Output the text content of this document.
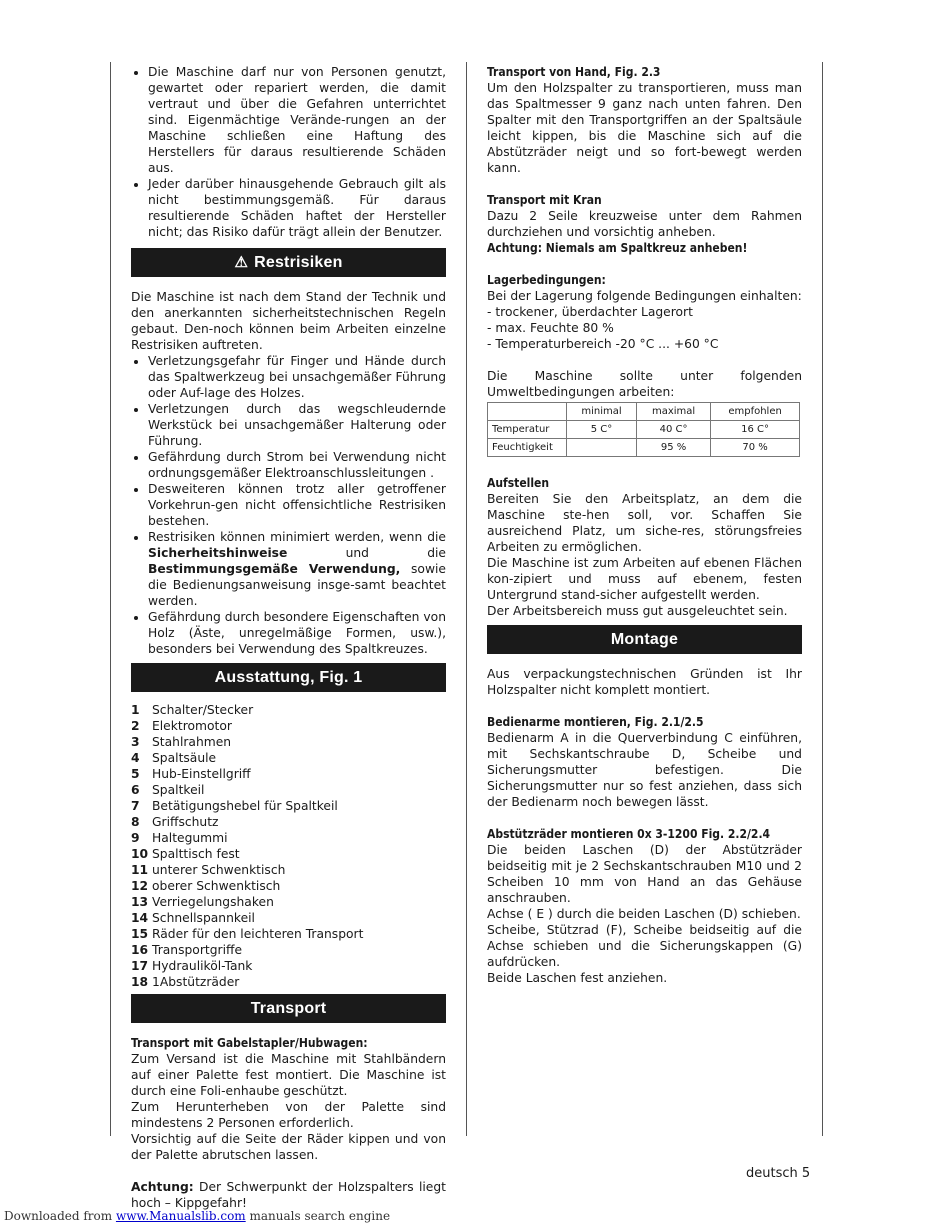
• Die Maschine darf nur von Personen genutzt, gewartet oder repariert werden, die damit vertraut und über die Gefahren unterrichtet sind. Eigenmächtige Verände-rungen an der Maschine schließen eine Haftung des Herstellers für daraus resultierende Schäden aus.
• Jeder darüber hinausgehende Gebrauch gilt als nicht bestimmungsgemäß. Für daraus resultierende Schäden haftet der Hersteller nicht; das Risiko dafür trägt allein der Benutzer.
⚠ Restrisiken

Die Maschine ist nach dem Stand der Technik und den anerkannten sicherheitstechnischen Regeln gebaut. Den-noch können beim Arbeiten einzelne Restrisiken auftreten.

• Verletzungsgefahr für Finger und Hände durch das Spaltwerkzeug bei unsachgemäßer Führung oder Auf-lage des Holzes.
• Verletzungen durch das wegschleudernde Werkstück bei unsachgemäßer Halterung oder Führung.
• Gefährdung durch Strom bei Verwendung nicht ordnungsgemäßer Elektroanschlussleitungen .
• Desweiteren können trotz aller getroffener Vorkehrun-gen nicht offensichtliche Restrisiken bestehen.
• Restrisiken können minimiert werden, wenn die Sicherheitshinweise und die Bestimmungsgemäße Verwendung, sowie die Bedienungsanweisung insge-samt beachtet werden.
• Gefährdung durch besondere Eigenschaften von Holz (Äste, unregelmäßige Formen, usw.), besonders bei Verwendung des Spaltkreuzes.
Ausstattung, Fig. 1
1	Schalter/Stecker
2	Elektromotor
3	Stahlrahmen
4	Spaltsäule
5	Hub-Einstellgriff
6	Spaltkeil
7	Betätigungshebel für Spaltkeil
8	Griffschutz
9	Haltegummi
10 Spalttisch fest
11 unterer Schwenktisch
12 oberer Schwenktisch
13 Verriegelungshaken
14 Schnellspannkeil
15 Räder für den leichteren Transport
16 Transportgriffe
17 Hydrauliköl-Tank
18 1Abstützräder
Transport
Transport mit Gabelstapler/Hubwagen:

Zum Versand ist die Maschine mit Stahlbändern auf einer Palette fest montiert. Die Maschine ist durch eine Foli-enhaube geschützt.

Zum Herunterheben von der Palette sind mindestens 2 Personen erforderlich.

Vorsichtig auf die Seite der Räder kippen und von der Palette abrutschen lassen.

Achtung: Der Schwerpunkt der Holzspalters liegt hoch – Kippgefahr!

Transport von Hand, Fig. 2.3

Um den Holzspalter zu transportieren, muss man das Spaltmesser 9 ganz nach unten fahren. Den Spalter mit den Transportgriffen an der Spaltsäule leicht kippen, bis die Maschine sich auf die Abstützräder neigt und so fort-bewegt werden kann.

Transport mit Kran

Dazu 2 Seile kreuzweise unter dem Rahmen durchziehen und vorsichtig anheben.

Achtung: Niemals am Spaltkreuz anheben!
Lagerbedingungen:

Bei der Lagerung folgende Bedingungen einhalten:

- trockener, überdachter Lagerort

- max. Feuchte 80 %

- Temperaturbereich -20 °C ... +60 °C

Die Maschine sollte unter folgenden Umweltbedingungen arbeiten:

	minimal	maximal	empfohlen
Temperatur	5 C°	40 C°	16 C°
Feuchtigkeit		95 %	70 %
Aufstellen

Bereiten Sie den Arbeitsplatz, an dem die Maschine ste-hen soll, vor. Schaffen Sie ausreichend Platz, um siche-res, störungsfreies Arbeiten zu ermöglichen.

Die Maschine ist zum Arbeiten auf ebenen Flächen kon-zipiert und muss auf ebenem, festen Untergrund stand-sicher aufgestellt werden.

Der Arbeitsbereich muss gut ausgeleuchtet sein.

Montage

Aus verpackungstechnischen Gründen ist Ihr Holzspalter nicht komplett montiert.

Bedienarme montieren, Fig. 2.1/2.5

Bedienarm A in die Querverbindung C einführen, mit Sechskantschraube D, Scheibe und Sicherungsmutter befestigen. Die Sicherungsmutter nur so fest anziehen, dass sich der Bedienarm noch bewegen lässt.

Abstützräder montieren 0x 3-1200 Fig. 2.2/2.4

Die beiden Laschen (D) der Abstützräder beidseitig mit je 2 Sechskantschrauben M10 und 2 Scheiben 10 mm von Hand an das Gehäuse anschrauben.

Achse ( E ) durch die beiden Laschen (D) schieben.

Scheibe, Stützrad (F), Scheibe beidseitig auf die Achse schieben und die Sicherungskappen (G) aufdrücken.

Beide Laschen fest anziehen.

deutsch 5
Downloaded from www.Manualslib.com manuals search engine
